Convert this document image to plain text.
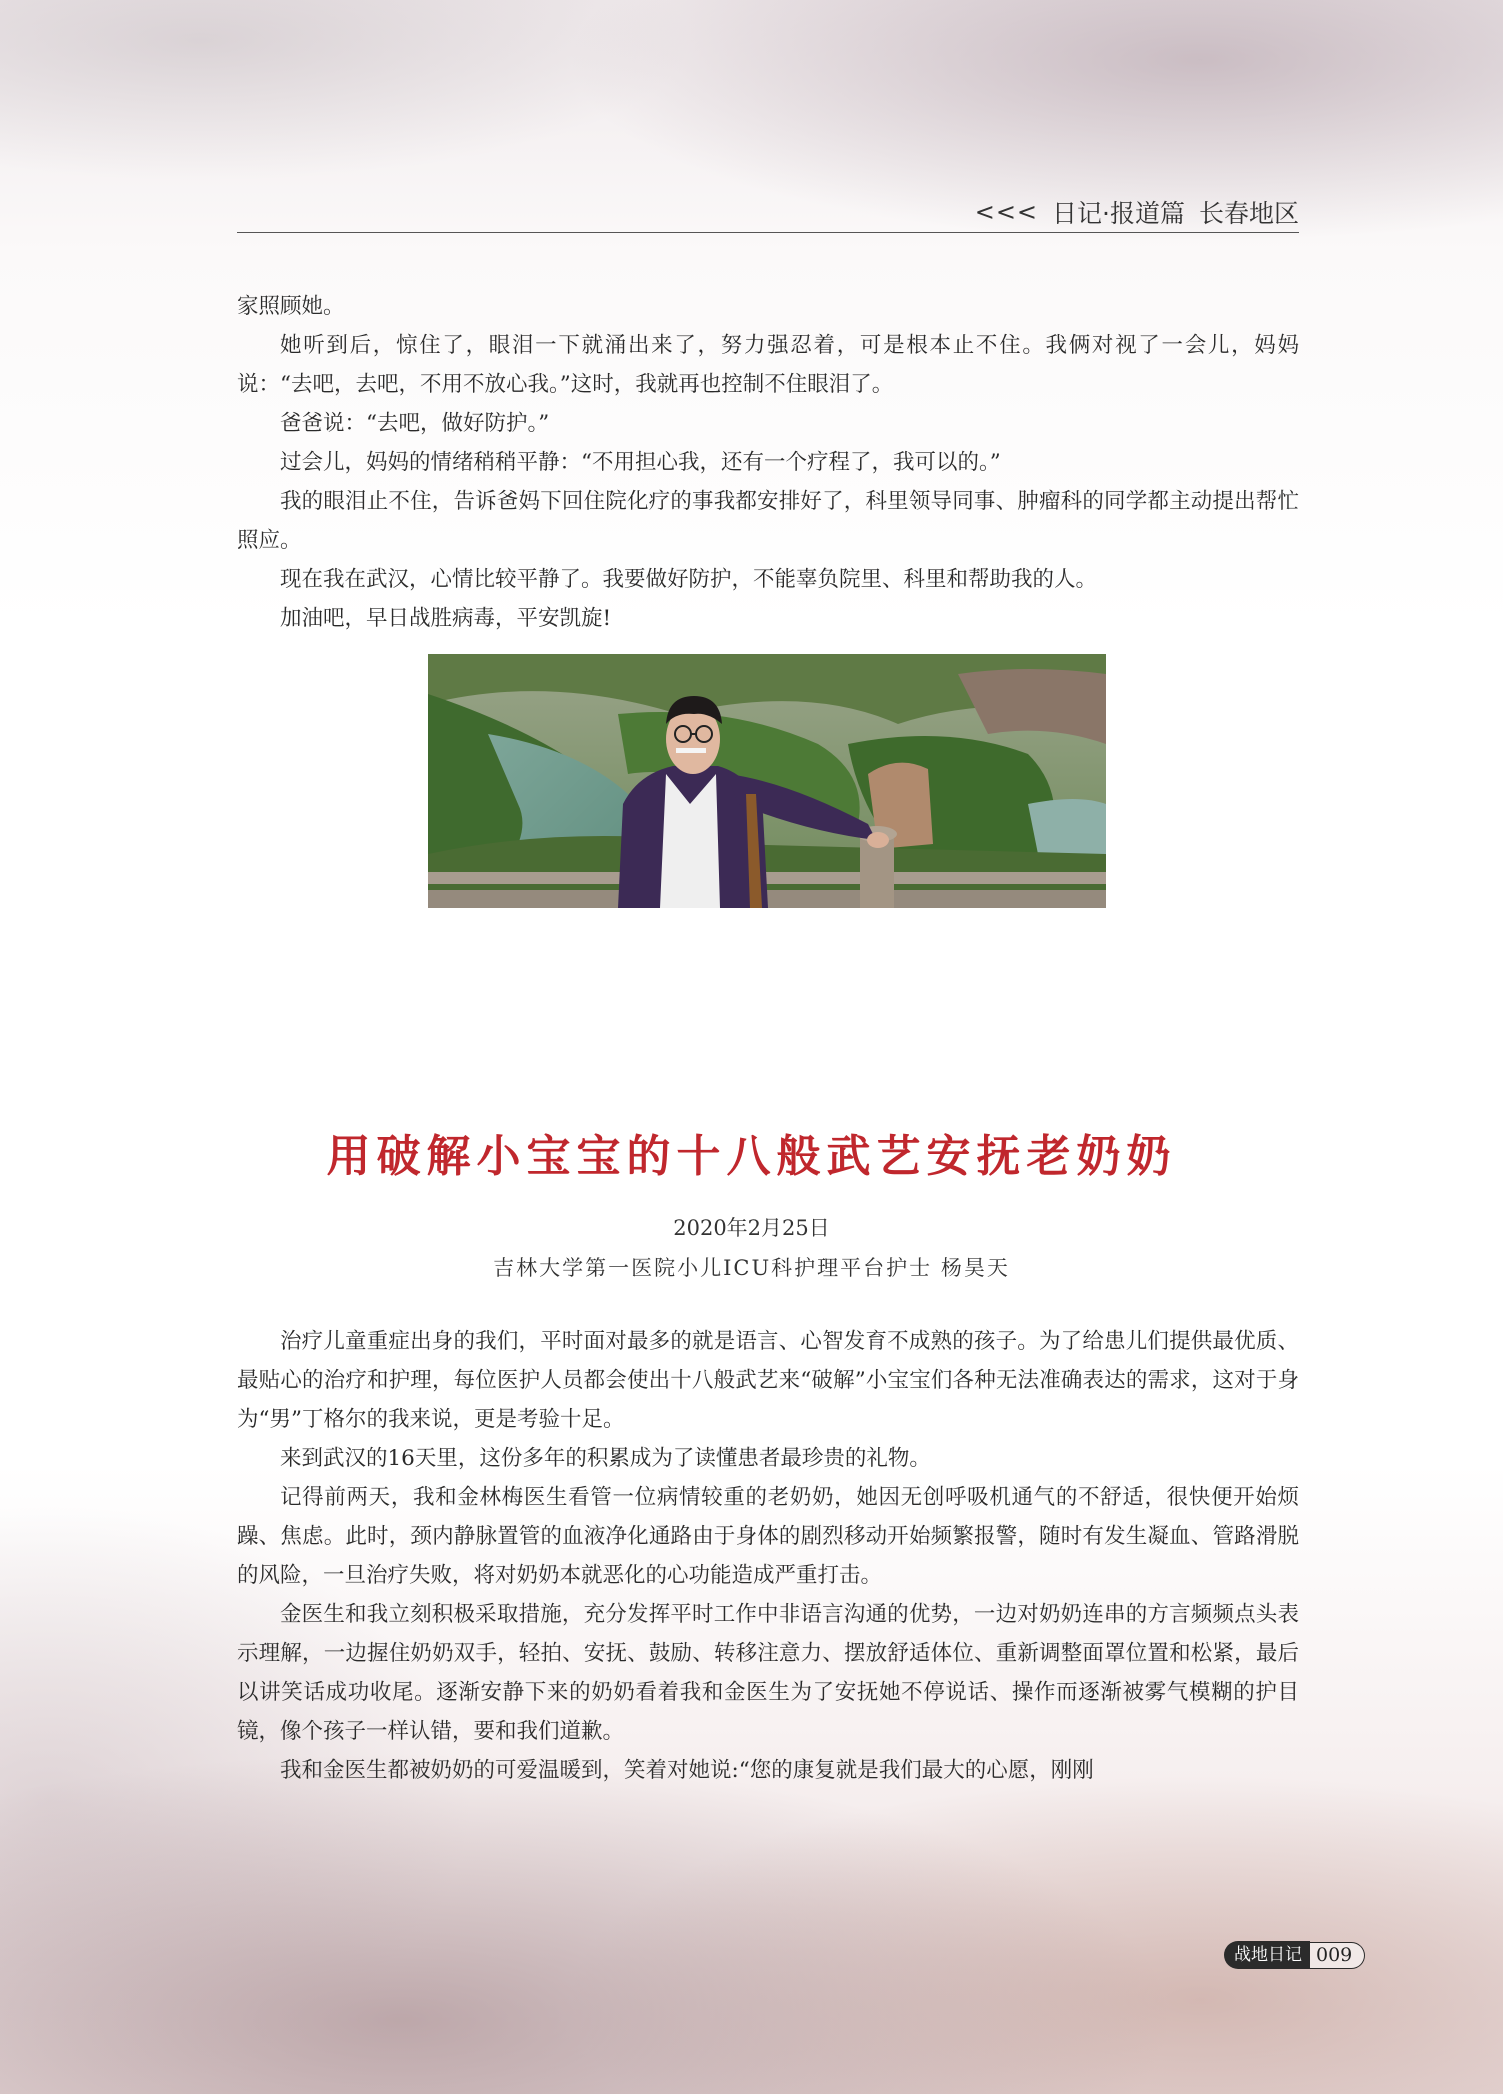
<<< 日记·报道篇 长春地区

家照顾她。

她听到后，惊住了，眼泪一下就涌出来了，努力强忍着，可是根本止不住。我俩对视了一会儿，妈妈说：“去吧，去吧，不用不放心我。”这时，我就再也控制不住眼泪了。

爸爸说：“去吧，做好防护。”

过会儿，妈妈的情绪稍稍平静：“不用担心我，还有一个疗程了，我可以的。”

我的眼泪止不住，告诉爸妈下回住院化疗的事我都安排好了，科里领导同事、肿瘤科的同学都主动提出帮忙照应。

现在我在武汉，心情比较平静了。我要做好防护，不能辜负院里、科里和帮助我的人。

加油吧，早日战胜病毒，平安凯旋!

用破解小宝宝的十八般武艺安抚老奶奶
2020年2月25日
吉林大学第一医院小儿ICU科护理平台护士 杨昊天

治疗儿童重症出身的我们，平时面对最多的就是语言、心智发育不成熟的孩子。为了给患儿们提供最优质、最贴心的治疗和护理，每位医护人员都会使出十八般武艺来“破解”小宝宝们各种无法准确表达的需求，这对于身为“男”丁格尔的我来说，更是考验十足。

来到武汉的16天里，这份多年的积累成为了读懂患者最珍贵的礼物。

记得前两天，我和金林梅医生看管一位病情较重的老奶奶，她因无创呼吸机通气的不舒适，很快便开始烦躁、焦虑。此时，颈内静脉置管的血液净化通路由于身体的剧烈移动开始频繁报警，随时有发生凝血、管路滑脱的风险，一旦治疗失败，将对奶奶本就恶化的心功能造成严重打击。

金医生和我立刻积极采取措施，充分发挥平时工作中非语言沟通的优势，一边对奶奶连串的方言频频点头表示理解，一边握住奶奶双手，轻拍、安抚、鼓励、转移注意力、摆放舒适体位、重新调整面罩位置和松紧，最后以讲笑话成功收尾。逐渐安静下来的奶奶看着我和金医生为了安抚她不停说话、操作而逐渐被雾气模糊的护目镜，像个孩子一样认错，要和我们道歉。

我和金医生都被奶奶的可爱温暖到，笑着对她说:“您的康复就是我们最大的心愿，刚刚

战地日记 009
